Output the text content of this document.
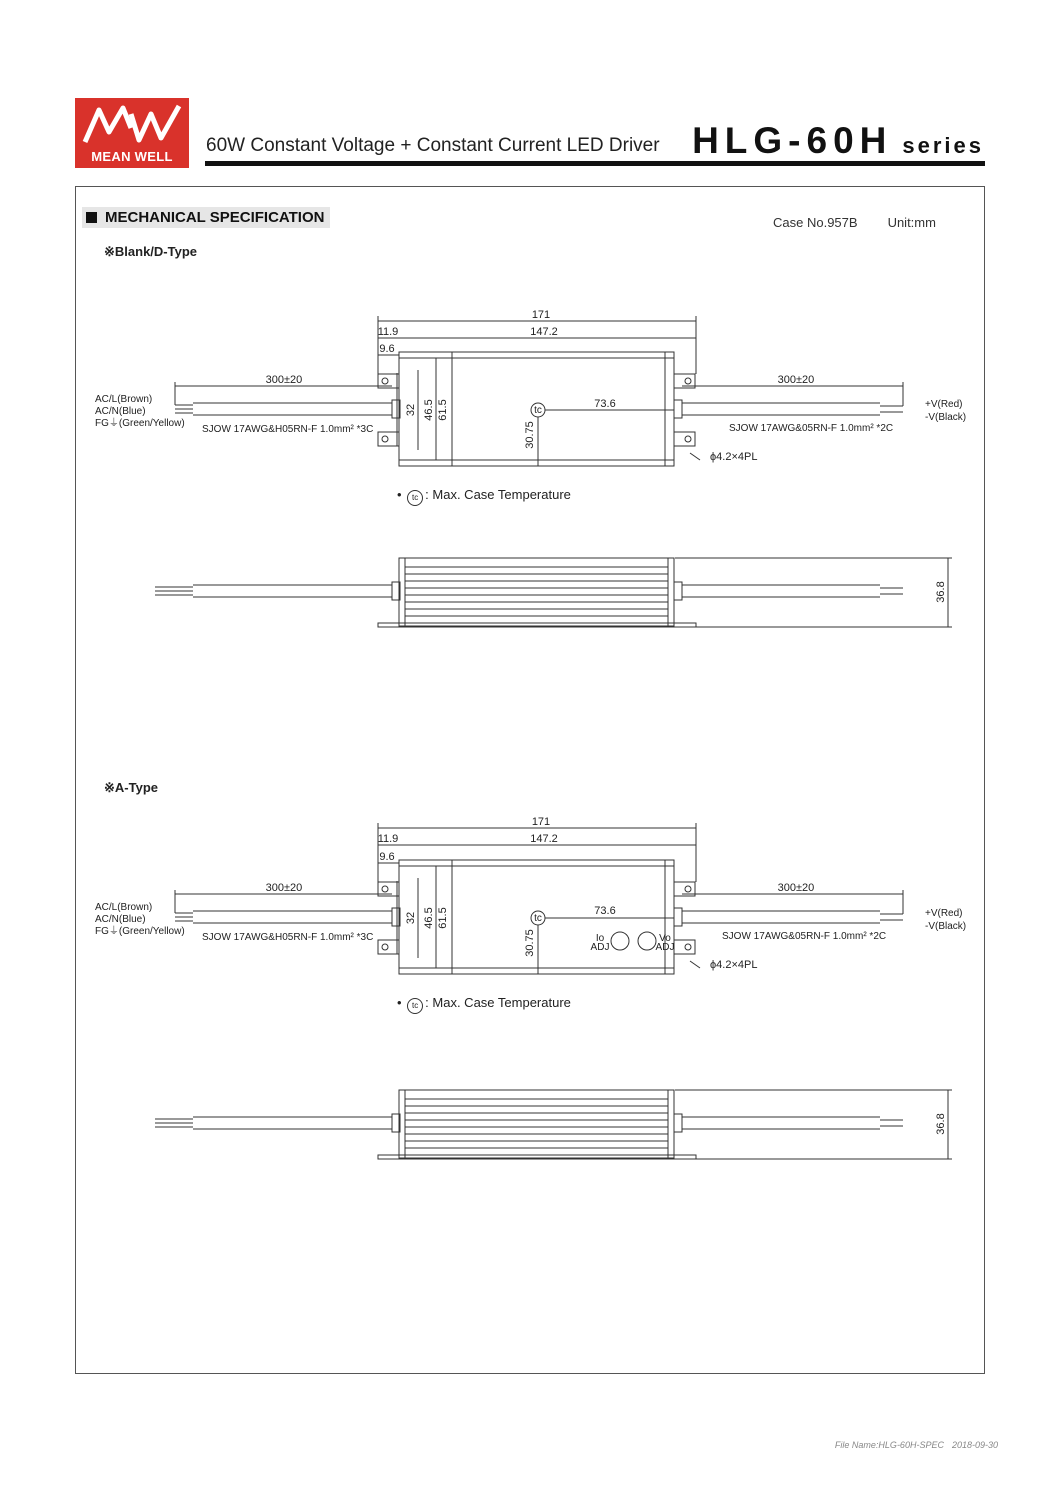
MEAN WELL
60W Constant Voltage + Constant Current LED Driver HLG-60H series
MECHANICAL SPECIFICATION	Case No.957B Unit:mm
※Blank/D-Type
tc
171
147.2
11.9
9.6
300±20	300±20
73.6
ϕ4.2×4PL
32 46.5 61.5
30.75
AC/L(Brown)
AC/N(Blue)
FG⏚(Green/Yellow)
SJOW 17AWG&H05RN-F 1.0mm² *3C
+V(Red)
-V(Black)
SJOW 17AWG&05RN-F 1.0mm² *2C
36.8
tc
Io
ADJ
Vo
ADJ
171
147.2
11.9
9.6
300±20	300±20
73.6
ϕ4.2×4PL
32 46.5 61.5
30.75
AC/L(Brown)
AC/N(Blue)
FG⏚(Green/Yellow)
SJOW 17AWG&H05RN-F 1.0mm² *3C
+V(Red)
-V(Black)
SJOW 17AWG&05RN-F 1.0mm² *2C
36.8
• tc : Max. Case Temperature
※A-Type
• tc : Max. Case Temperature
File Name:HLG-60H-SPEC 2018-09-30
